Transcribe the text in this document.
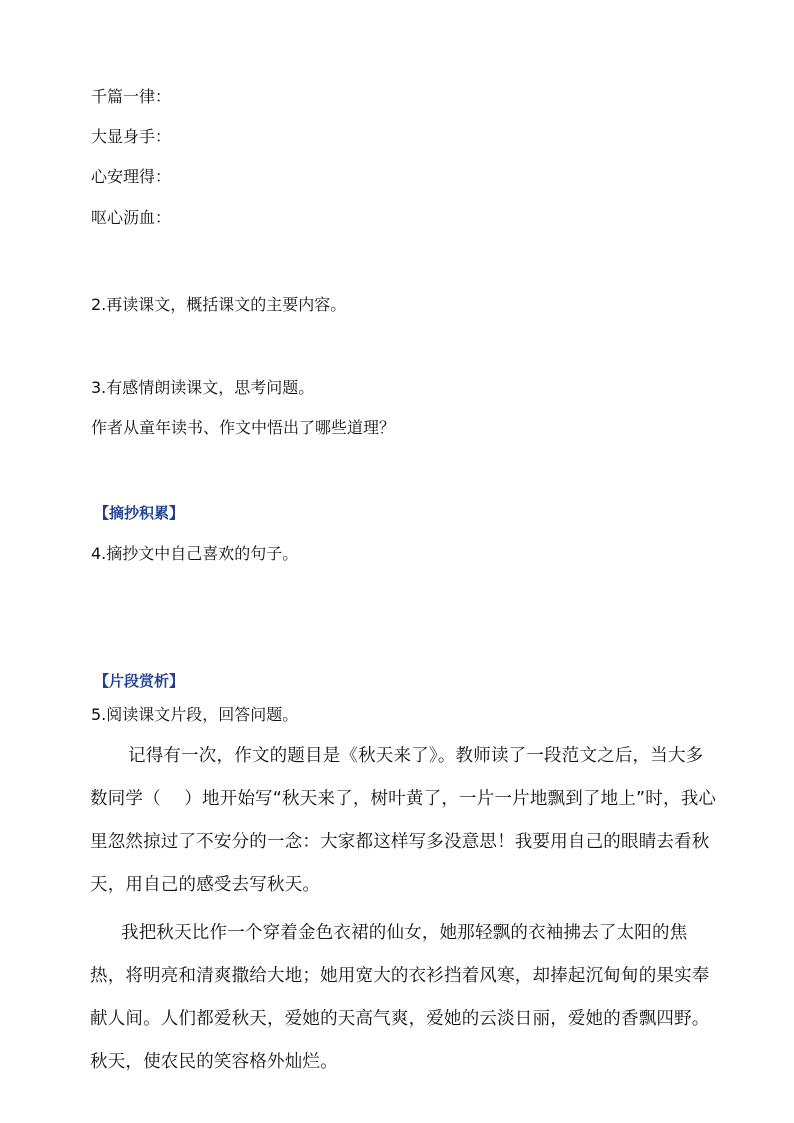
千篇一律：
大显身手：
心安理得：
呕心沥血：
2.再读课文，概括课文的主要内容。
3.有感情朗读课文，思考问题。
作者从童年读书、作文中悟出了哪些道理？
【摘抄积累】
4.摘抄文中自己喜欢的句子。
【片段赏析】
5.阅读课文片段，回答问题。

记得有一次，作文的题目是《秋天来了》。教师读了一段范文之后，当大多数同学（　 ）地开始写“秋天来了，树叶黄了，一片一片地飘到了地上”时，我心里忽然掠过了不安分的一念：大家都这样写多没意思！我要用自己的眼睛去看秋天，用自己的感受去写秋天。

我把秋天比作一个穿着金色衣裙的仙女，她那轻飘的衣袖拂去了太阳的焦热，将明亮和清爽撒给大地；她用宽大的衣衫挡着风寒，却捧起沉甸甸的果实奉献人间。人们都爱秋天，爱她的天高气爽，爱她的云淡日丽，爱她的香飘四野。秋天，使农民的笑容格外灿烂。
